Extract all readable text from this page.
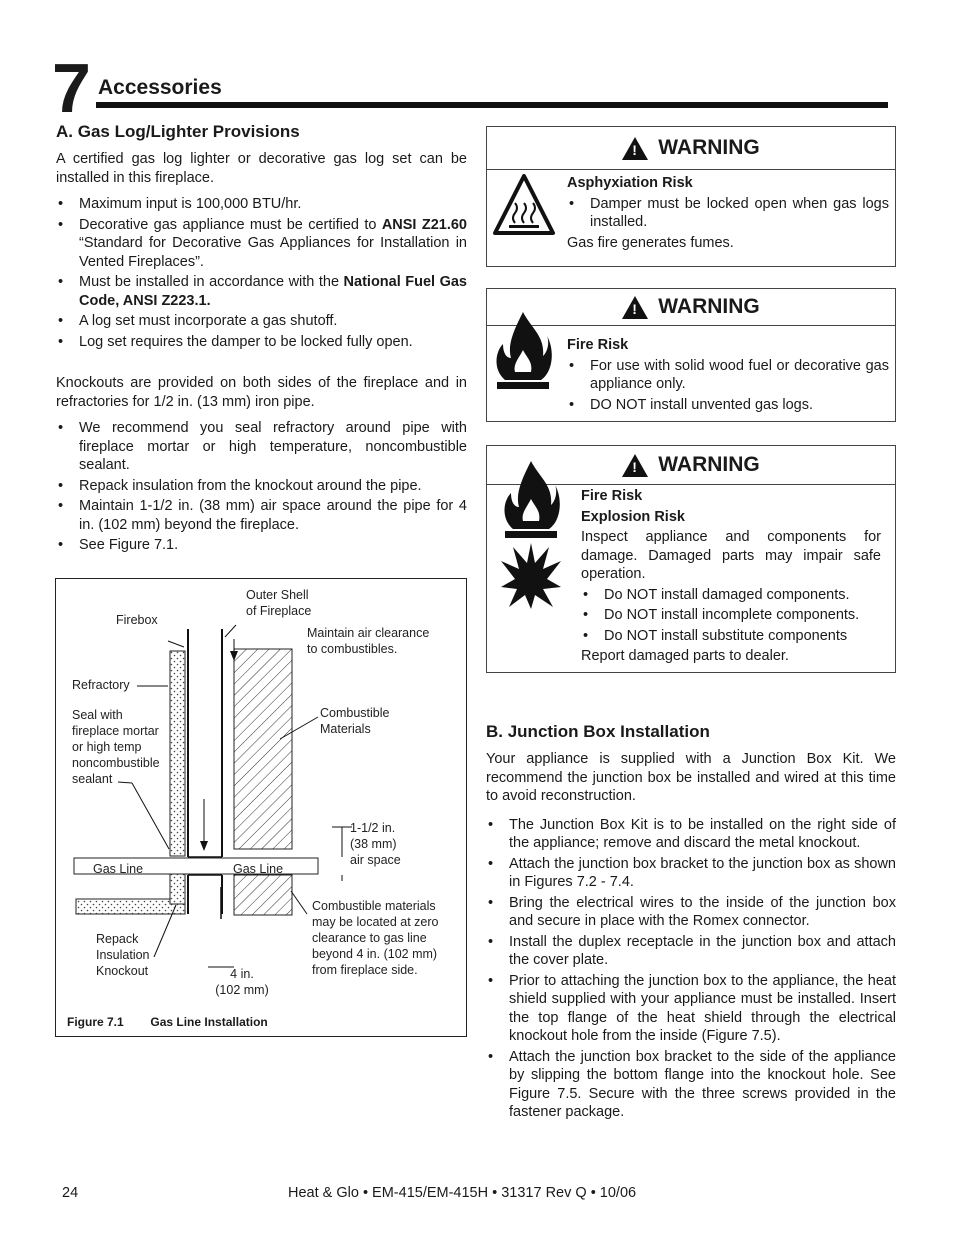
7 Accessories
A. Gas Log/Lighter Provisions

A certified gas log lighter or decorative gas log set can be installed in this fireplace.

• Maximum input is 100,000 BTU/hr.
• Decorative gas appliance must be certified to ANSI Z21.60 “Standard for Decorative Gas Appliances for Installation in Vented Fireplaces”.
• Must be installed in accordance with the National Fuel Gas Code, ANSI Z223.1.
• A log set must incorporate a gas shutoff.
• Log set requires the damper to be locked fully open.

Knockouts are provided on both sides of the fireplace and in refractories for 1/2 in. (13 mm) iron pipe.

• We recommend you seal refractory around pipe with fireplace mortar or high temperature, noncombustible sealant.
• Repack insulation from the knockout around the pipe.
• Maintain 1-1/2 in. (38 mm) air space around the pipe for 4 in. (102 mm) beyond the fireplace.
• See Figure 7.1.
Outer Shell
of Fireplace
Firebox
Maintain air clearance
to combustibles.
Refractory
Combustible
Materials
Seal with
fireplace mortar
or high temp
noncombustible
sealant
1-1/2 in.
(38 mm)
air space
Gas Line	Gas Line
Combustible materials
may be located at zero
clearance to gas line
beyond 4 in. (102 mm)
from fireplace side.
Repack
Insulation
Knockout	4 in.
(102 mm)
Figure 7.1 Gas Line Installation
! WARNING
Asphyxiation Risk
• Damper must be locked open when gas logs installed.
Gas fire generates fumes.
! WARNING
Fire Risk
• For use with solid wood fuel or decorative gas appliance only.
• DO NOT install unvented gas logs.
! WARNING
Fire Risk
Explosion Risk
Inspect appliance and components for damage. Damaged parts may impair safe operation.
• Do NOT install damaged components.
• Do NOT install incomplete components.
• Do NOT install substitute components
Report damaged parts to dealer.
B. Junction Box Installation

Your appliance is supplied with a Junction Box Kit. We recommend the junction box be installed and wired at this time to avoid reconstruction.

• The Junction Box Kit is to be installed on the right side of the appliance; remove and discard the metal knockout.
• Attach the junction box bracket to the junction box as shown in Figures 7.2 - 7.4.
• Bring the electrical wires to the inside of the junction box and secure in place with the Romex connector.
• Install the duplex receptacle in the junction box and attach the cover plate.
• Prior to attaching the junction box to the appliance, the heat shield supplied with your appliance must be installed. Insert the top flange of the heat shield through the electrical knockout hole from the inside (Figure 7.5).
• Attach the junction box bracket to the side of the appliance by slipping the bottom flange into the knockout hole. See Figure 7.5. Secure with the three screws provided in the fastener package.
24	Heat & Glo • EM-415/EM-415H • 31317 Rev Q • 10/06
